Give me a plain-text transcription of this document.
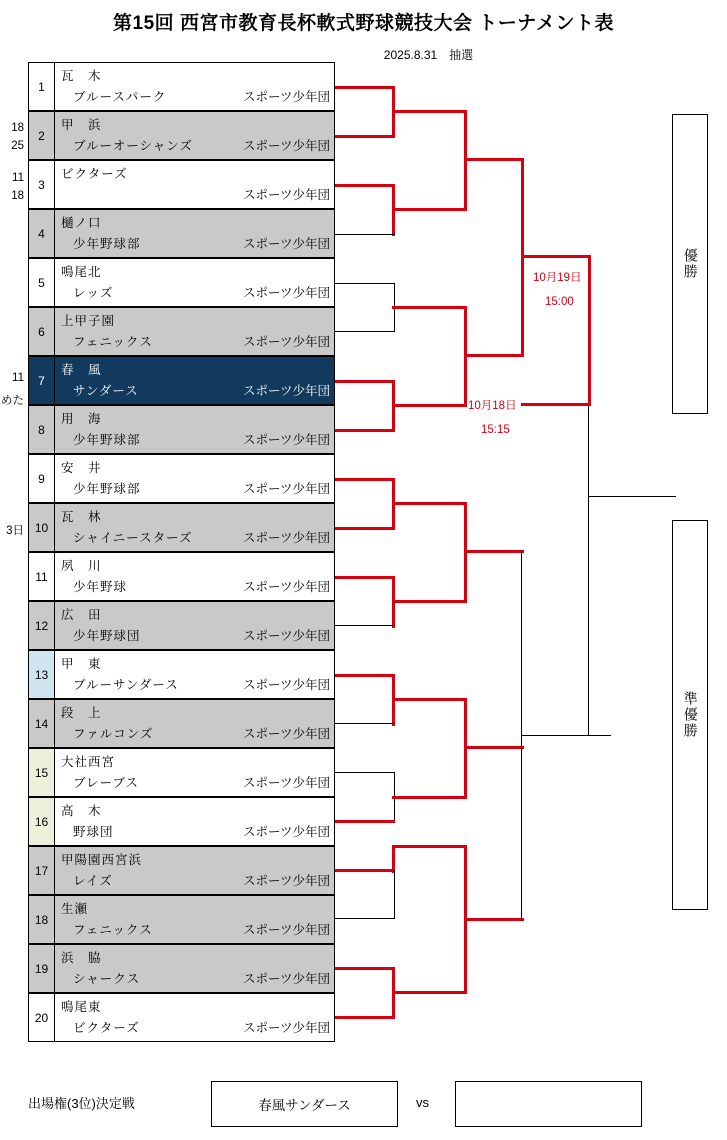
第15回 西宮市教育長杯軟式野球競技大会 トーナメント表
2025.8.31　抽選
18
25
11
18
11
めた
3日
1
瓦　木
ブルースパーク	スポーツ少年団
2
甲　浜
ブルーオーシャンズ	スポーツ少年団
3
ビクターズ
スポーツ少年団
4
樋ノ口
少年野球部	スポーツ少年団
5
鳴尾北
レッズ	スポーツ少年団
6
上甲子園
フェニックス	スポーツ少年団
7
春　風
サンダース	スポーツ少年団
8
用　海
少年野球部	スポーツ少年団
9
安　井
少年野球部	スポーツ少年団
10
瓦　林
シャイニースターズ	スポーツ少年団
11
夙　川
少年野球	スポーツ少年団
12
広　田
少年野球団	スポーツ少年団
13
甲　東
ブルーサンダース	スポーツ少年団
14
段　上
ファルコンズ	スポーツ少年団
15
大社西宮
ブレーブス	スポーツ少年団
16
高　木
野球団	スポーツ少年団
17
甲陽園西宮浜
レイズ	スポーツ少年団
18
生瀬
フェニックス	スポーツ少年団
19
浜　脇
シャークス	スポーツ少年団
20
鳴尾東
ビクターズ	スポーツ少年団
10月19日
15:00
10月18日
15:15
優勝
準優勝
出場権(3位)決定戦	春風サンダース	vs
